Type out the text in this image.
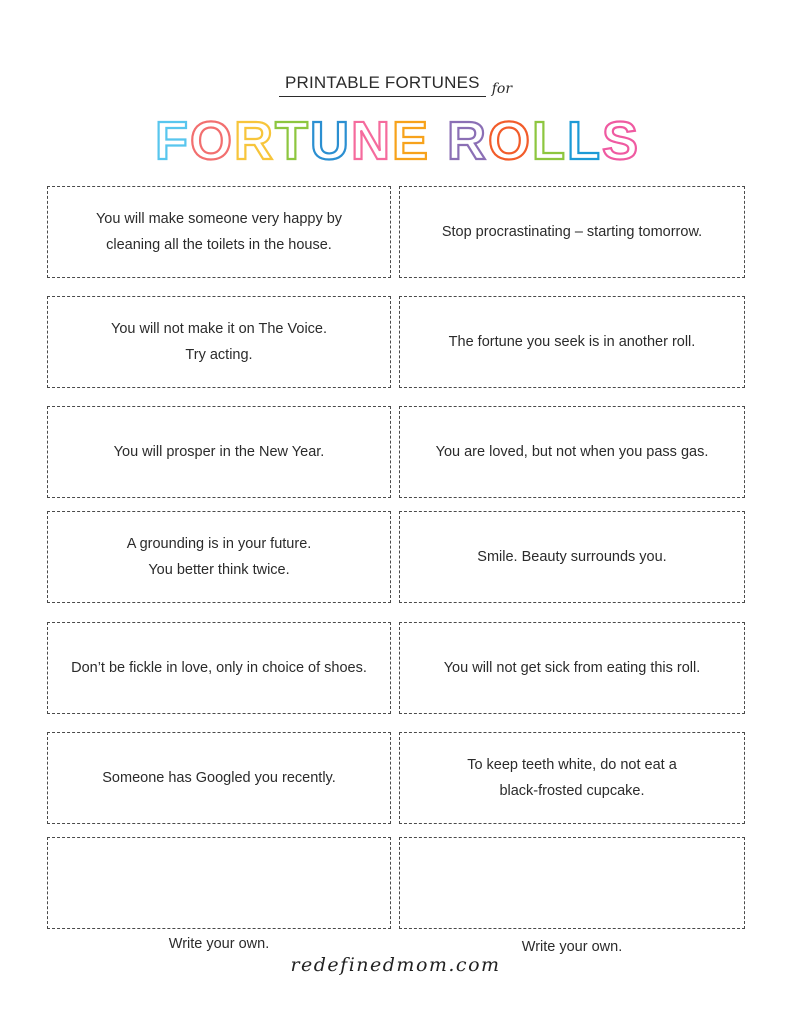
PRINTABLE FORTUNES $_{for}$
FORTUNE ROLLS
You will make someone very happy by
cleaning all the toilets in the house.
Stop procrastinating – starting tomorrow.
You will not make it on The Voice.
Try acting.
The fortune you seek is in another roll.
You will prosper in the New Year.	You are loved, but not when you pass gas.
A grounding is in your future.
You better think twice.
Smile. Beauty surrounds you.
Don’t be fickle in love, only in choice of shoes.	You will not get sick from eating this roll.
Someone has Googled you recently.
To keep teeth white, do not eat a
black-frosted cupcake.
Write your own.	Write your own.
redefinedmom.com
